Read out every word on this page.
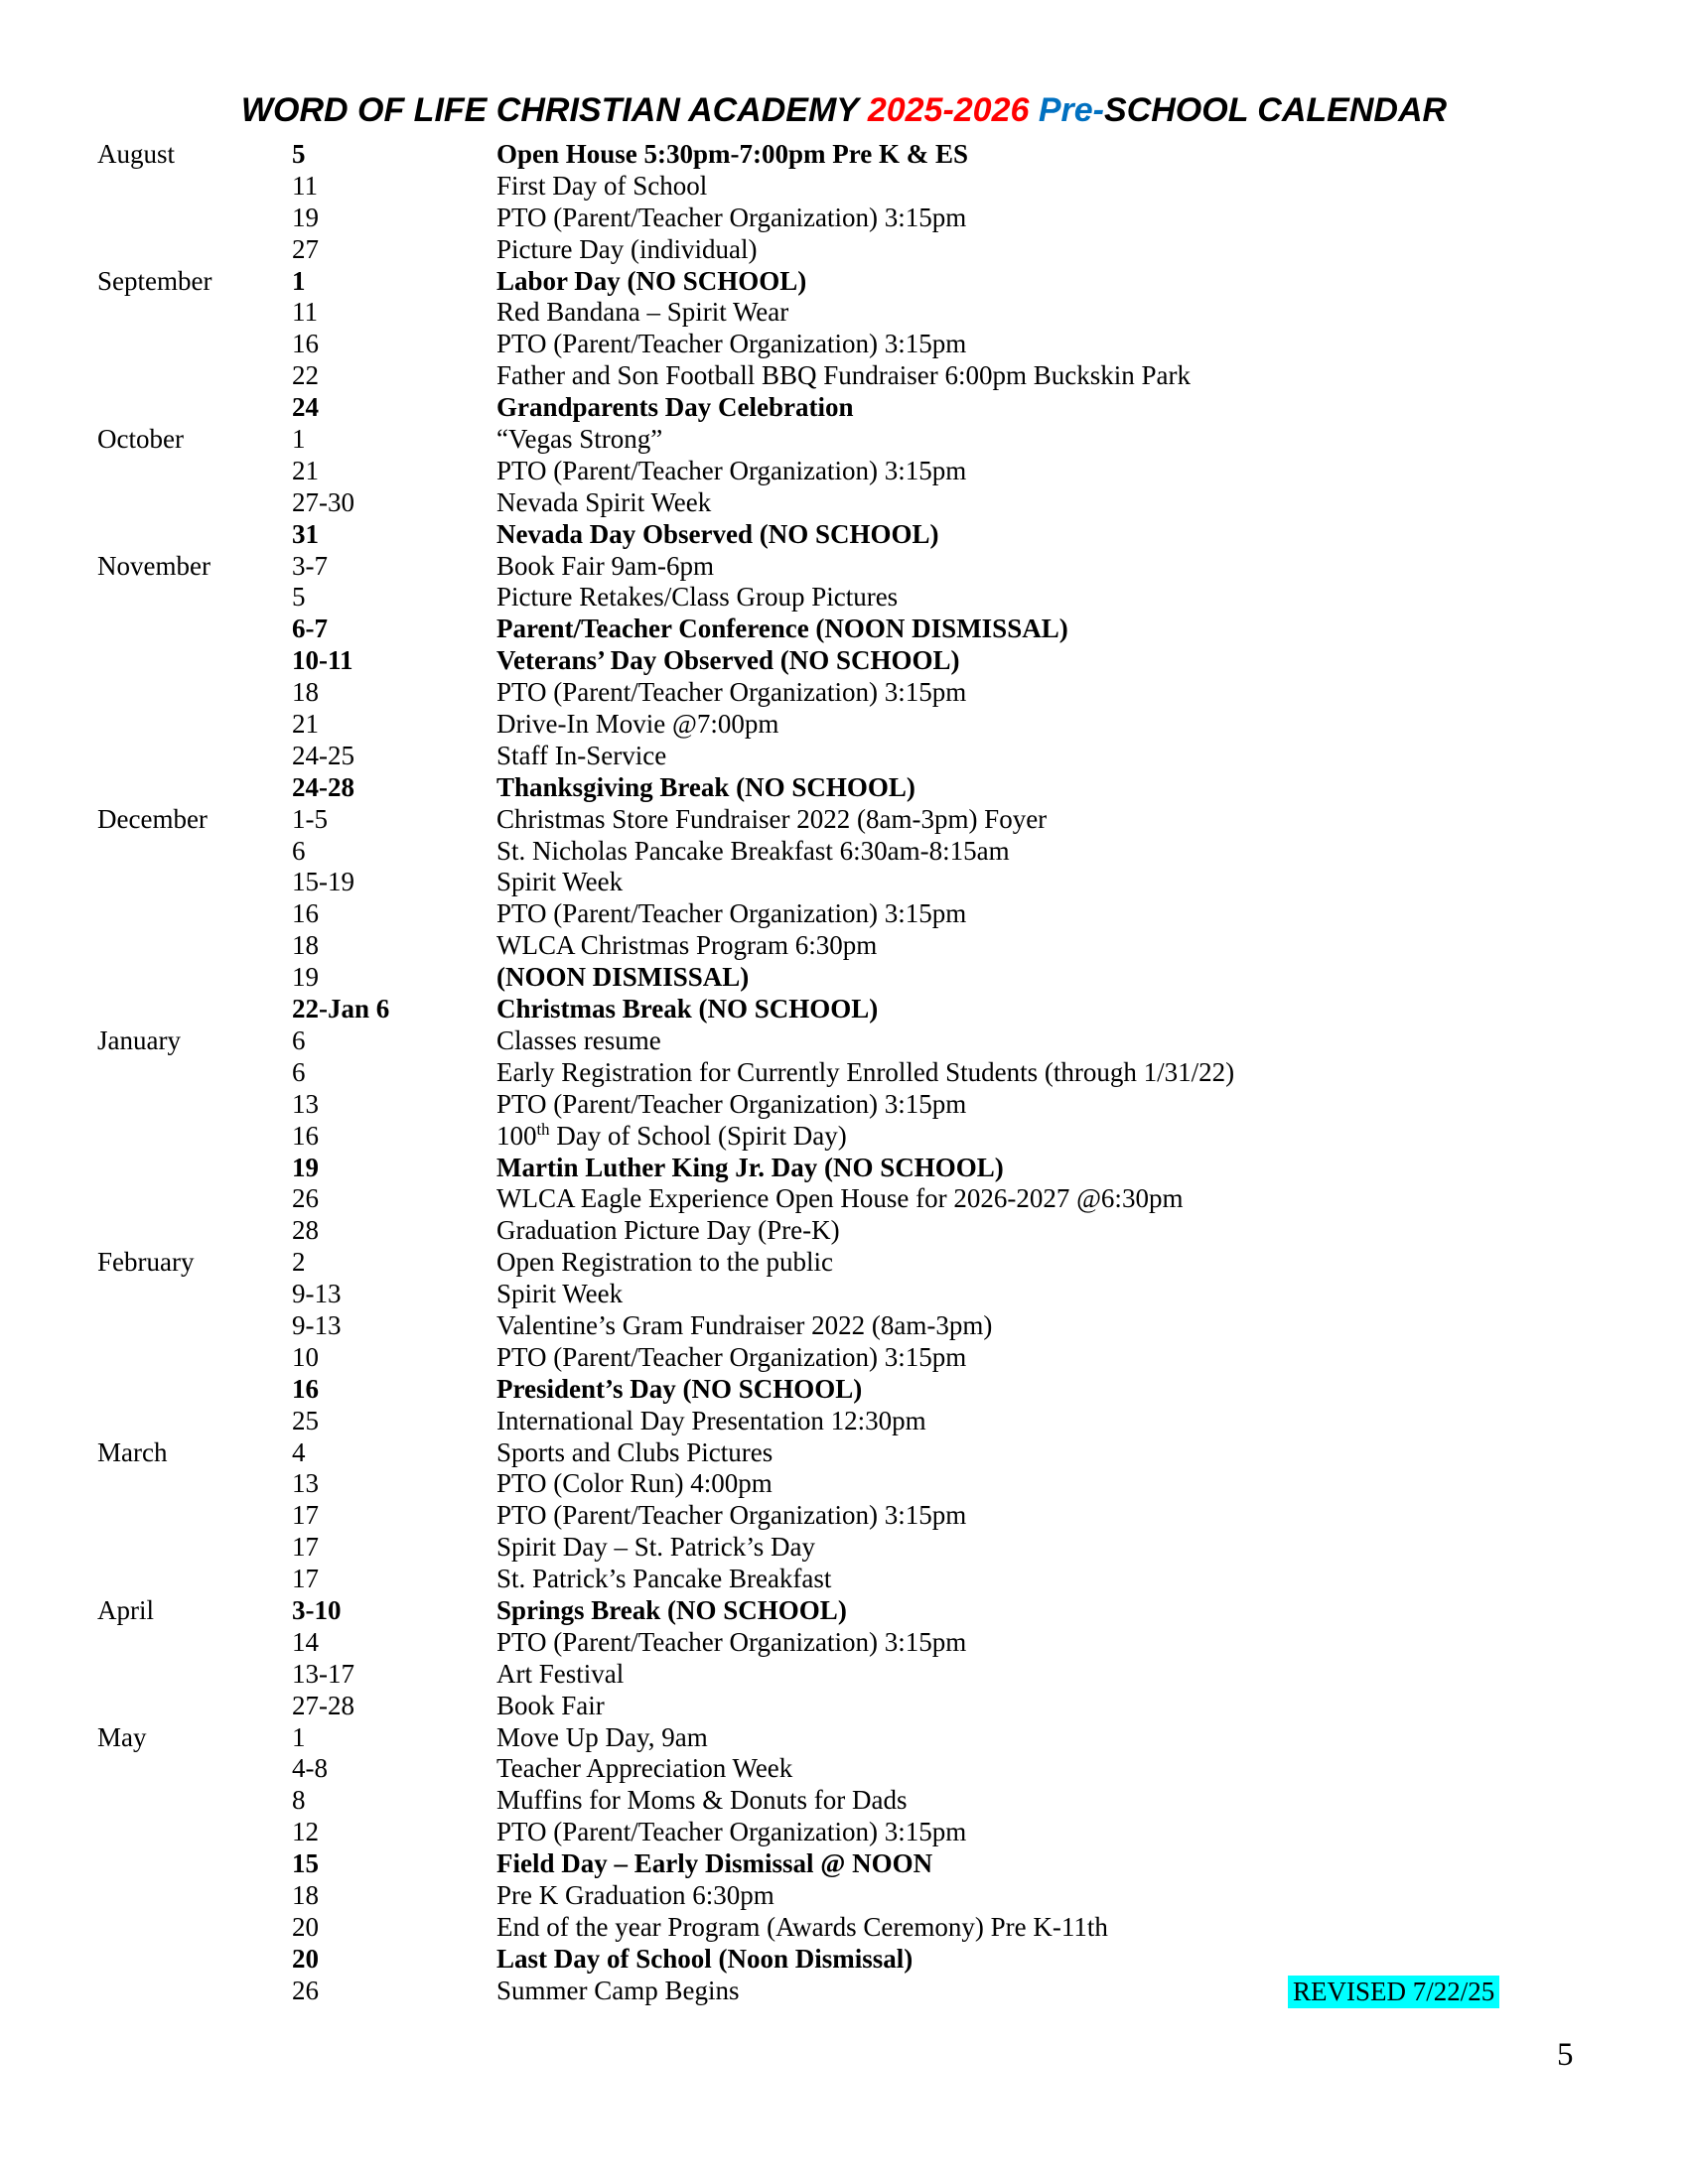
WORD OF LIFE CHRISTIAN ACADEMY 2025-2026 Pre-SCHOOL CALENDAR
August	5	Open House 5:30pm-7:00pm Pre K & ES
11	First Day of School
19	PTO (Parent/Teacher Organization) 3:15pm
27	Picture Day (individual)
September	1	Labor Day (NO SCHOOL)
11	Red Bandana – Spirit Wear
16	PTO (Parent/Teacher Organization) 3:15pm
22	Father and Son Football BBQ Fundraiser 6:00pm Buckskin Park
24	Grandparents Day Celebration
October	1	“Vegas Strong”
21	PTO (Parent/Teacher Organization) 3:15pm
27-30	Nevada Spirit Week
31	Nevada Day Observed (NO SCHOOL)
November	3-7	Book Fair 9am-6pm
5	Picture Retakes/Class Group Pictures
6-7	Parent/Teacher Conference (NOON DISMISSAL)
10-11	Veterans’ Day Observed (NO SCHOOL)
18	PTO (Parent/Teacher Organization) 3:15pm
21	Drive-In Movie @7:00pm
24-25	Staff In-Service
24-28	Thanksgiving Break (NO SCHOOL)
December	1-5	Christmas Store Fundraiser 2022 (8am-3pm) Foyer
6	St. Nicholas Pancake Breakfast 6:30am-8:15am
15-19	Spirit Week
16	PTO (Parent/Teacher Organization) 3:15pm
18	WLCA Christmas Program 6:30pm
19	(NOON DISMISSAL)
22-Jan 6	Christmas Break (NO SCHOOL)
January	6	Classes resume
6	Early Registration for Currently Enrolled Students (through 1/31/22)
13	PTO (Parent/Teacher Organization) 3:15pm
16	100th Day of School (Spirit Day)
19	Martin Luther King Jr. Day (NO SCHOOL)
26	WLCA Eagle Experience Open House for 2026-2027 @6:30pm
28	Graduation Picture Day (Pre-K)
February	2	Open Registration to the public
9-13	Spirit Week
9-13	Valentine’s Gram Fundraiser 2022 (8am-3pm)
10	PTO (Parent/Teacher Organization) 3:15pm
16	President’s Day (NO SCHOOL)
25	International Day Presentation 12:30pm
March	4	Sports and Clubs Pictures
13	PTO (Color Run) 4:00pm
17	PTO (Parent/Teacher Organization) 3:15pm
17	Spirit Day – St. Patrick’s Day
17	St. Patrick’s Pancake Breakfast
April	3-10	Springs Break (NO SCHOOL)
14	PTO (Parent/Teacher Organization) 3:15pm
13-17	Art Festival
27-28	Book Fair
May	1	Move Up Day, 9am
4-8	Teacher Appreciation Week
8	Muffins for Moms & Donuts for Dads
12	PTO (Parent/Teacher Organization) 3:15pm
15	Field Day – Early Dismissal @ NOON
18	Pre K Graduation 6:30pm
20	End of the year Program (Awards Ceremony) Pre K-11th
20	Last Day of School (Noon Dismissal)
26	Summer Camp Begins	REVISED 7/22/25
5
